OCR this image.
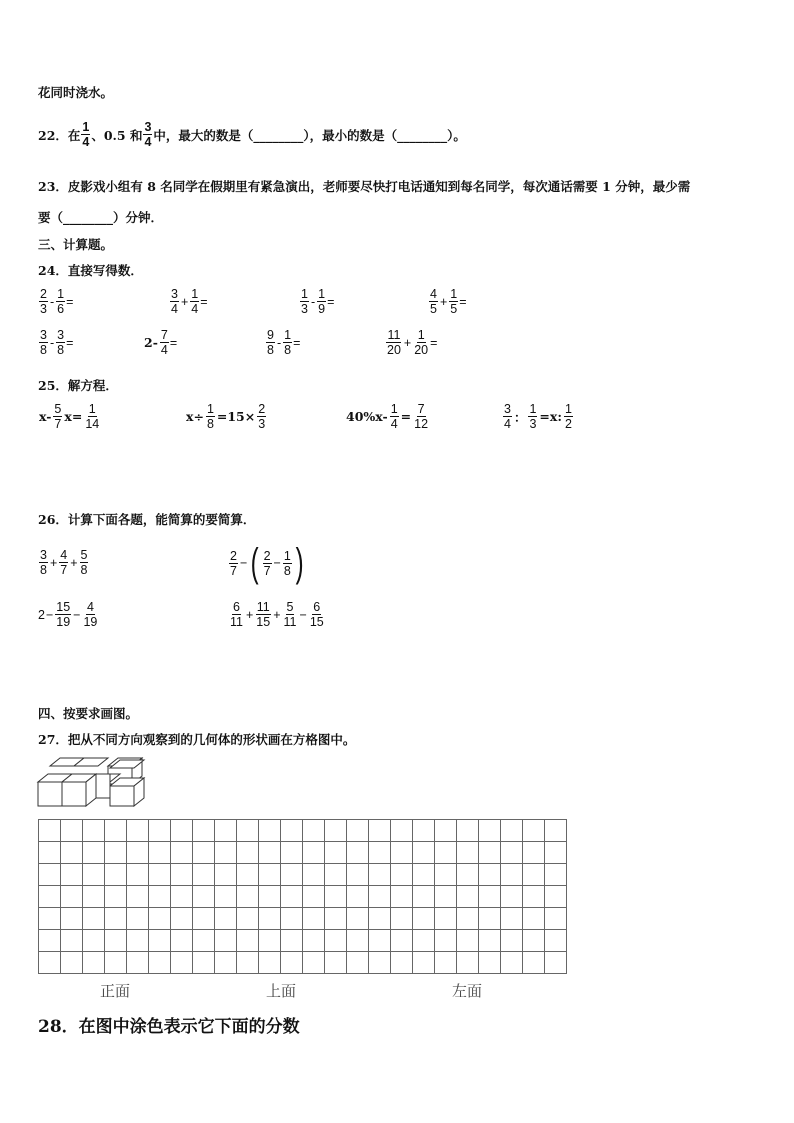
花同时浇水。
22．在 $\frac{1}{4}$ 、0.5 和 $\frac{3}{4}$ 中，最大的数是（________），最小的数是（________）。
23．皮影戏小组有 8 名同学在假期里有紧急演出，老师要尽快打电话通知到每名同学，每次通话需要 1 分钟，最少需
要（________）分钟．
三、计算题。
24．直接写得数．
$\frac{2}{3} - \frac{1}{6}$ =	$\frac{3}{4} + \frac{1}{4}$ =	$\frac{1}{3} - \frac{1}{9}$ =	$\frac{4}{5} + \frac{1}{5}$ =
$\frac{3}{8} - \frac{3}{8}$ =	$2- \frac{7}{4}$ =	$\frac{9}{8} - \frac{1}{8}$ =	$\frac{11}{20} + \frac{1}{20}$ =
25．解方程．
$x- \frac{5}{7} x= \frac{1}{14}$	$x\div \frac{1}{8} =15\times \frac{2}{3}$	$40\%x- \frac{1}{4} = \frac{7}{12}$	$\frac{3}{4}$ ： $\frac{1}{3} =x$: $\frac{1}{2}$
26．计算下面各题，能简算的要简算．
$\frac{3}{8} + \frac{4}{7} + \frac{5}{8}$	$\frac{2}{7}$ − ( $\frac{2}{7} - \frac{1}{8}$ )
$2 - \frac{15}{19} - \frac{4}{19}$	$\frac{6}{11} + \frac{11}{15} + \frac{5}{11} - \frac{6}{15}$
四、按要求画图。
27．把从不同方向观察到的几何体的形状画在方格图中。
正面	上面	左面
28．在图中涂色表示它下面的分数
